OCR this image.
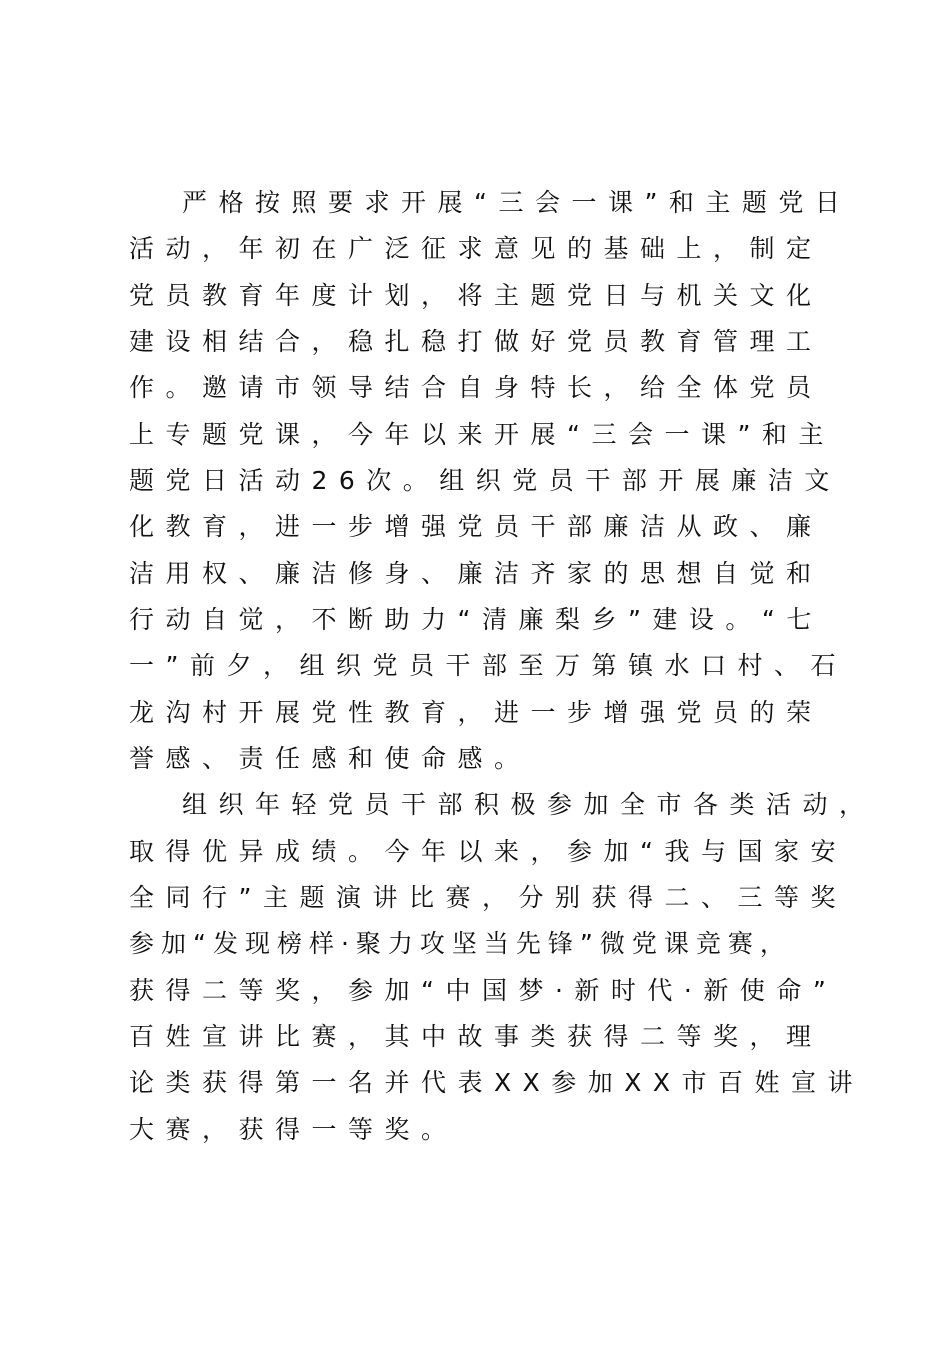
严格按照要求开展“三会一课”和主题党日
活动，年初在广泛征求意见的基础上，制定
党员教育年度计划，将主题党日与机关文化
建设相结合，稳扎稳打做好党员教育管理工
作。邀请市领导结合自身特长，给全体党员
上专题党课，今年以来开展“三会一课”和主
题党日活动26次。组织党员干部开展廉洁文
化教育，进一步增强党员干部廉洁从政、廉
洁用权、廉洁修身、廉洁齐家的思想自觉和
行动自觉，不断助力“清廉梨乡”建设。“七
一”前夕，组织党员干部至万第镇水口村、石
龙沟村开展党性教育，进一步增强党员的荣
誉感、责任感和使命感。
组织年轻党员干部积极参加全市各类活动，
取得优异成绩。今年以来，参加“我与国家安
全同行”主题演讲比赛，分别获得二、三等奖
参加“发现榜样·聚力攻坚当先锋”微党课竞赛，
获得二等奖，参加“中国梦·新时代·新使命”
百姓宣讲比赛，其中故事类获得二等奖，理
论类获得第一名并代表XX参加XX市百姓宣讲
大赛，获得一等奖。
